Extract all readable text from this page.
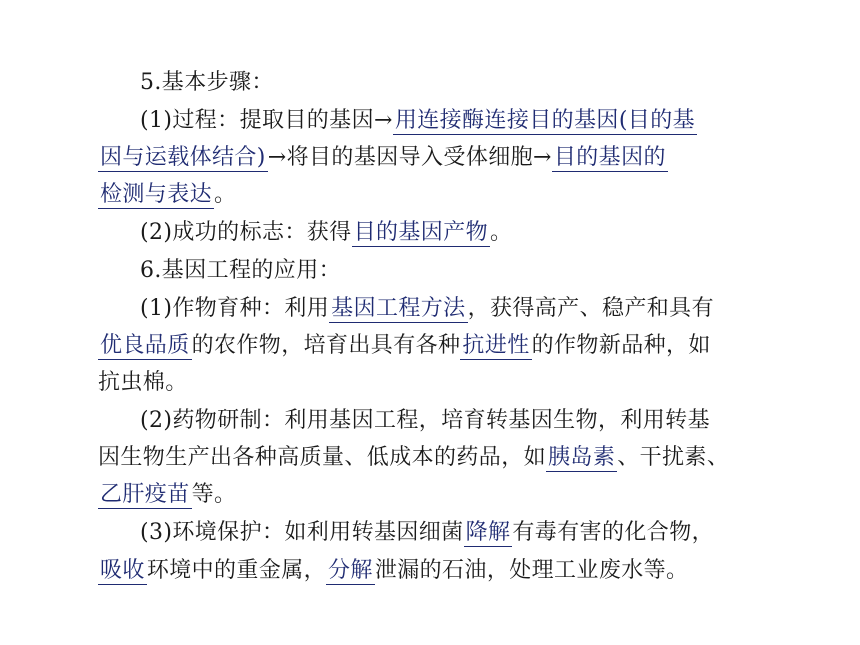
5.基本步骤：
(1)过程：提取目的基因→用连接酶连接目的基因(目的基
因与运载体结合)→将目的基因导入受体细胞→目的基因的
检测与表达。
(2)成功的标志：获得目的基因产物。
6.基因工程的应用：
(1)作物育种：利用基因工程方法，获得高产、稳产和具有
优良品质的农作物，培育出具有各种抗进性的作物新品种，如
抗虫棉。
(2)药物研制：利用基因工程，培育转基因生物，利用转基
因生物生产出各种高质量、低成本的药品，如胰岛素、干扰素、
乙肝疫苗等。
(3)环境保护：如利用转基因细菌降解有毒有害的化合物，
吸收环境中的重金属，分解泄漏的石油，处理工业废水等。
